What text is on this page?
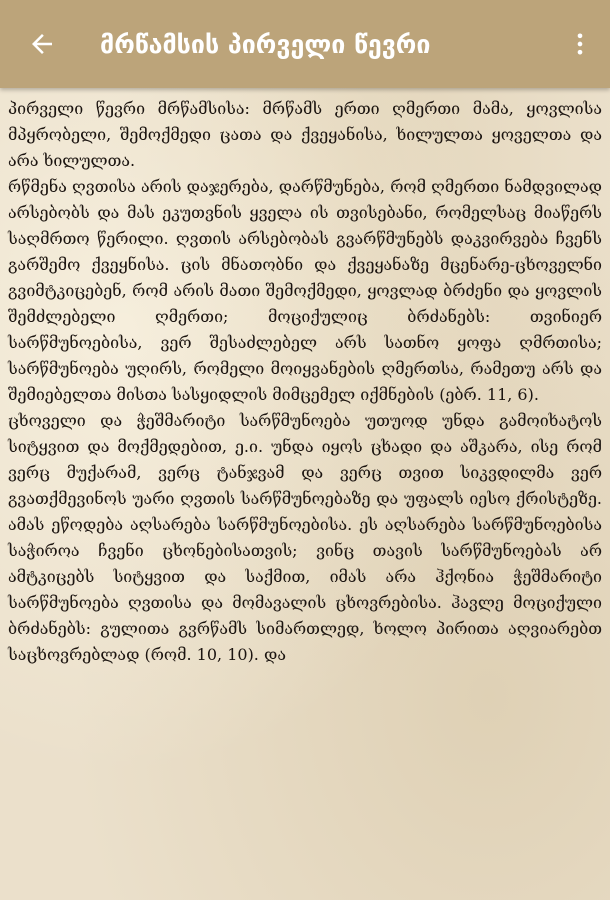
მრწამსის პირველი წევრი

პირველი წევრი მრწამსისა: მრწამს ერთი ღმერთი მამა, ყოვლისა მპყრობელი, შემოქმედი ცათა და ქვეყანისა, ხილულთა ყოველთა და არა ხილულთა.

რწმენა ღვთისა არის დაჯერება, დარწმუნება, რომ ღმერთი ნამდვილად არსებობს და მას ეკუთვნის ყველა ის თვისებანი, რომელსაც მიაწერს საღმრთო წერილი. ღვთის არსებობას გვარწმუნებს დაკვირვება ჩვენს გარშემო ქვეყნისა. ცის მნათობნი და ქვეყანაზე მცენარე-ცხოველნი გვიმტკიცებენ, რომ არის მათი შემოქმედი, ყოვლად ბრძენი და ყოვლის შემძლებელი ღმერთი; მოციქულიც ბრძანებს: თვინიერ სარწმუნოებისა, ვერ შესაძლებელ არს სათნო ყოფა ღმრთისა; სარწმუნოება უღირს, რომელი მოიყვანების ღმერთსა, რამეთუ არს და შემიებელთა მისთა სასყიდლის მიმცემელ იქმნების (ებრ. 11, 6).

ცხოველი და ჭეშმარიტი სარწმუნოება უთუოდ უნდა გამოიხატოს სიტყვით და მოქმედებით, ე.ი. უნდა იყოს ცხადი და აშკარა, ისე რომ ვერც მუქარამ, ვერც ტანჯვამ და ვერც თვით სიკვდილმა ვერ გვათქმევინოს უარი ღვთის სარწმუნოებაზე და უფალს იესო ქრისტეზე. ამას ეწოდება აღსარება სარწმუნოებისა. ეს აღსარება სარწმუნოებისა საჭიროა ჩვენი ცხონებისათვის; ვინც თავის სარწმუნოებას არ ამტკიცებს სიტყვით და საქმით, იმას არა ჰქონია ჭეშმარიტი სარწმუნოება ღვთისა და მომავალის ცხოვრებისა. ჰავლე მოციქული ბრძანებს: გულითა გვრწამს სიმართლედ, ხოლო პირითა აღვიარებთ საცხოვრებლად (რომ. 10, 10). და
